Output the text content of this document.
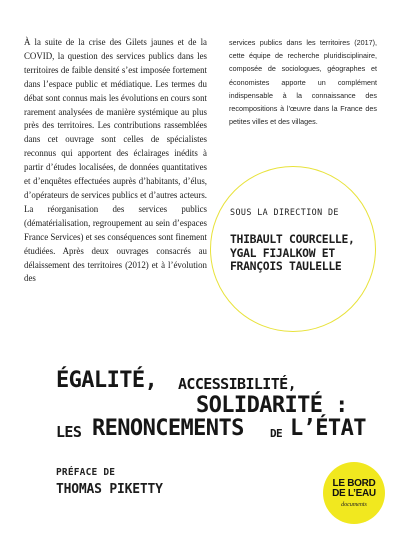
À la suite de la crise des Gilets jaunes et de la COVID, la question des services publics dans les territoires de faible densité s’est imposée fortement dans l’espace public et médiatique. Les termes du débat sont connus mais les évolutions en cours sont rarement analysées de manière systémique au plus près des territoires. Les contributions rassemblées dans cet ouvrage sont celles de spécialistes reconnus qui apportent des éclairages inédits à partir d’études localisées, de données quantitatives et d’enquêtes effectuées auprès d’habitants, d’élus, d’opérateurs de services publics et d’autres acteurs. La réorganisation des services publics (dématérialisation, regroupement au sein d’espaces France Services) et ses conséquences sont finement étudiées. Après deux ouvrages consacrés au délaissement des territoires (2012) et à l’évolution des
services publics dans les territoires (2017), cette équipe de recherche pluridisciplinaire, composée de sociologues, géographes et économistes apporte un complément indispensable à la connaissance des recompositions à l’œuvre dans la France des petites villes et des villages.
SOUS LA DIRECTION DE
THIBAULT COURCELLE,
YGAL FIJALKOW ET
FRANÇOIS TAULELLE
ÉGALITÉ, ACCESSIBILITÉ,
SOLIDARITÉ :
LES RENONCEMENTS DE L’ÉTAT
PRÉFACE DE
THOMAS PIKETTY	LE BORD
DE L’EAU
documents
